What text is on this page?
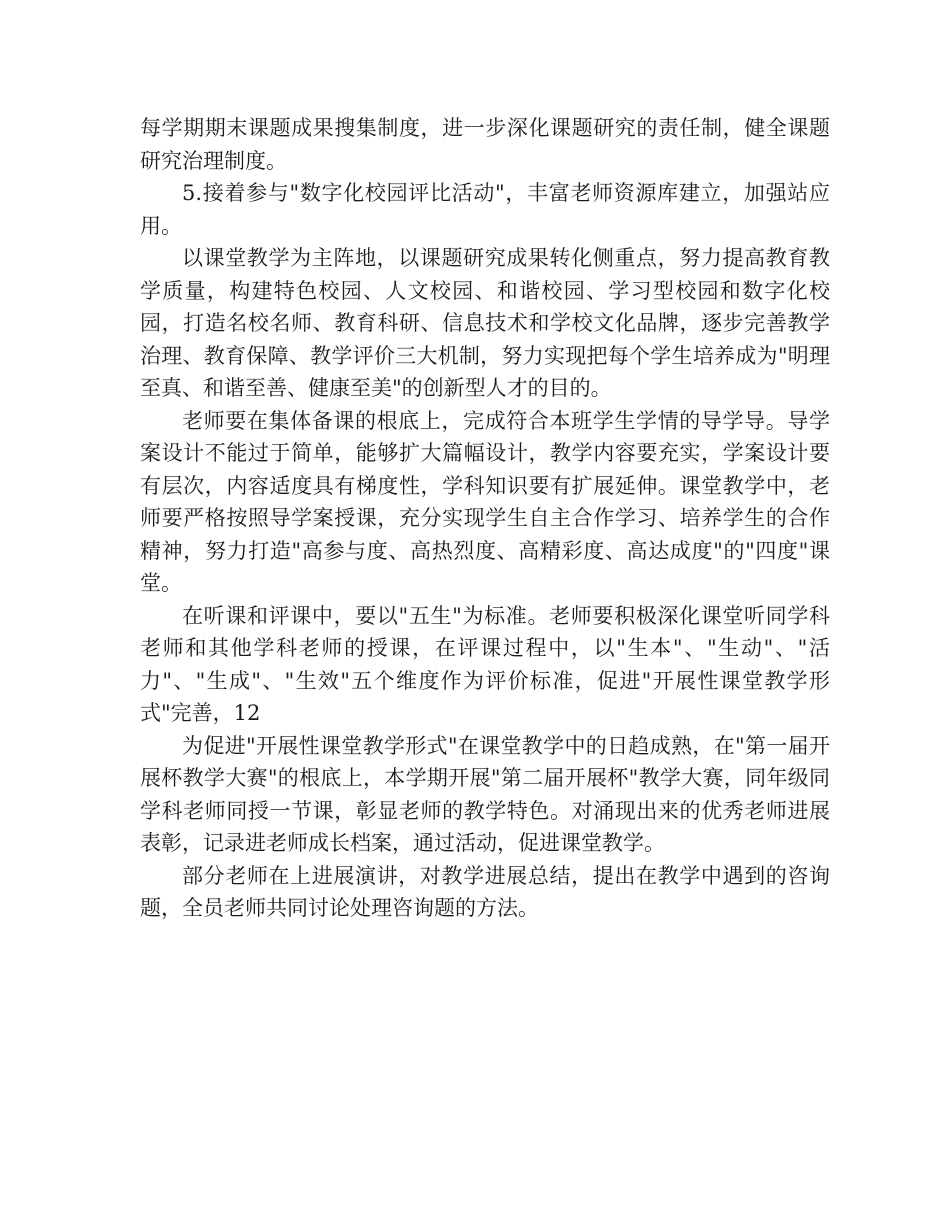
每学期期末课题成果搜集制度，进一步深化课题研究的责任制，健全课题研究治理制度。

5.接着参与"数字化校园评比活动"，丰富老师资源库建立，加强站应用。

以课堂教学为主阵地，以课题研究成果转化侧重点，努力提高教育教学质量，构建特色校园、人文校园、和谐校园、学习型校园和数字化校园，打造名校名师、教育科研、信息技术和学校文化品牌，逐步完善教学治理、教育保障、教学评价三大机制，努力实现把每个学生培养成为"明理至真、和谐至善、健康至美"的创新型人才的目的。

老师要在集体备课的根底上，完成符合本班学生学情的导学导。导学案设计不能过于简单，能够扩大篇幅设计，教学内容要充实，学案设计要有层次，内容适度具有梯度性，学科知识要有扩展延伸。课堂教学中，老师要严格按照导学案授课，充分实现学生自主合作学习、培养学生的合作精神，努力打造"高参与度、高热烈度、高精彩度、高达成度"的"四度"课堂。

在听课和评课中，要以"五生"为标准。老师要积极深化课堂听同学科老师和其他学科老师的授课，在评课过程中，以"生本"、"生动"、"活力"、"生成"、"生效"五个维度作为评价标准，促进"开展性课堂教学形式"完善，12

为促进"开展性课堂教学形式"在课堂教学中的日趋成熟，在"第一届开展杯教学大赛"的根底上，本学期开展"第二届开展杯"教学大赛，同年级同学科老师同授一节课，彰显老师的教学特色。对涌现出来的优秀老师进展表彰，记录进老师成长档案，通过活动，促进课堂教学。

部分老师在上进展演讲，对教学进展总结，提出在教学中遇到的咨询题，全员老师共同讨论处理咨询题的方法。
